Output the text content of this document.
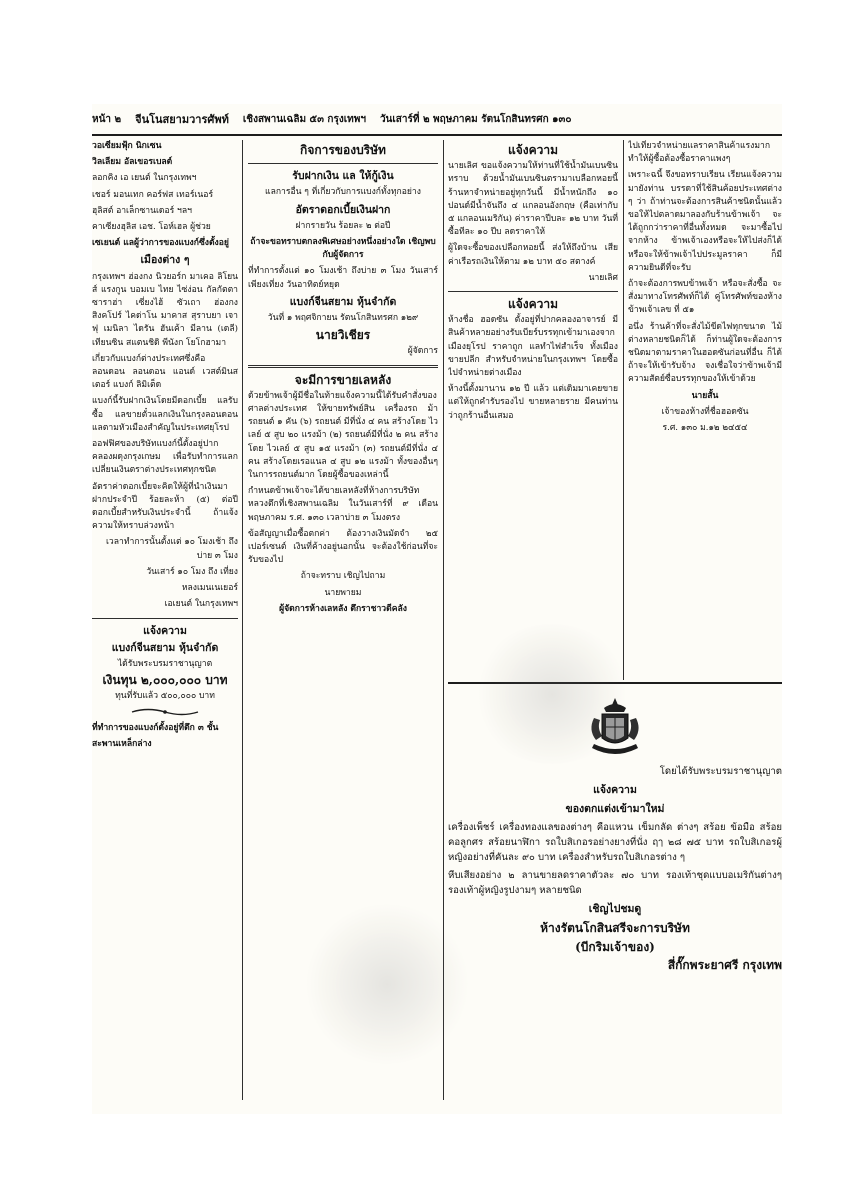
หน้า ๒ จีนโนสยามวารศัพท์ เชิงสพานเฉลิม ๕๓ กรุงเทพฯ วันเสาร์ที่ ๒ พฤษภาคม รัตนโกสินทรศก ๑๓๐

วอเซี่ยมฟุ้ก นิกเซน

วิลเลียม อัลเขอรเบลต์

ลอกคิง เอ เยนต์ ในกรุงเทพฯ

เชอร์ มอนเทก คอร์ฟส เทอร์เนอร์

ฮุลิสต์ อาเล็กซานเดอร์ ฯลฯ

คาเซียงฮุลิส เอช. โอห์เฮล ผู้ช่วย

เซเยนต์ แลผู้ว่าการของแบงก์ซึ่งตั้งอยู่

เมืองต่าง ๆ

กรุงเทพฯ ฮ่องกง นิวยอร์ก มาเคอ ลิโยนส์ แรงกูน บอมเบ ไทย ไซ่ง่อน กัลกัตตา ซาราฮ่า เซี่ยงไฮ้ ซัวเถา ฮ่องกง สิงคโปร์ ไคด่าโน มาคาส สุราบยา เจา ฟุ เมนิลา ไดรัน ฮันเค้า มีลาน (เดลี) เทียนซิน สแตนชิดิ พีนังก โยโกฮามา

เกี่ยวกับแบงก์ต่างประเทศซึ่งคือ ลอนดอน ลอนดอน แอนด์ เวสต์มินสเตอร์ แบงก์ ลิมิเต็ด

แบงก์นี้รับฝากเงินโดยมีดอกเบี้ย แลรับซื้อ แลขายตั๋วแลกเงินในกรุงลอนดอน แลตามหัวเมืองสำคัญในประเทศยุโรป

ออฟฟิศของบริษัทแบงก์นี้ตั้งอยู่ปากคลองผดุงกรุงเกษม เพื่อรับทำการแลกเปลี่ยนเงินตราต่างประเทศทุกชนิด

อัตราค่าดอกเบี้ยจะคิดให้ผู้ที่นำเงินมาฝากประจำปี ร้อยละห้า (๕) ต่อปี ดอกเบี้ยสำหรับเงินประจำนี้ ถ้าแจ้งความให้ทราบล่วงหน้า

เวลาทำการนั้นตั้งแต่ ๑๐ โมงเช้า ถึงบ่าย ๓ โมง

วันเสาร์ ๑๐ โมง ถึง เที่ยง

หลงเมนเนเยอร์

เอเยนต์ ในกรุงเทพฯ

แจ้งความ
แบงก์จีนสยาม หุ้นจำกัด

ได้รับพระบรมราชานุญาต

เงินทุน ๒,๐๐๐,๐๐๐ บาท

ทุนที่รับแล้ว ๕๐๐,๐๐๐ บาท

ที่ทำการของแบงก์ตั้งอยู่ที่ตึก ๓ ชั้น

สะพานเหล็กล่าง

กิจการของบริษัท
รับฝากเงิน แล ให้กู้เงิน

แลการอื่น ๆ ที่เกี่ยวกับการแบงก์ทั้งทุกอย่าง

อัตราดอกเบี้ยเงินฝาก

ฝากรายวัน ร้อยละ ๒ ต่อปี

ถ้าจะขอทราบตกลงพิเศษอย่างหนึ่งอย่างใด เชิญพบกับผู้จัดการ

ที่ทำการตั้งแต่ ๑๐ โมงเช้า ถึงบ่าย ๓ โมง วันเสาร์เพียงเที่ยง วันอาทิตย์หยุด

แบงก์จีนสยาม หุ้นจำกัด

วันที่ ๑ พฤศจิกายน รัตนโกสินทรศก ๑๒๙

นายวิเชียร

ผู้จัดการ

จะมีการขายเลหลัง

ด้วยข้าพเจ้าผู้มีชื่อในท้ายแจ้งความนี้ได้รับคำสั่งของศาลต่างประเทศ ให้ขายทรัพย์สิน เครื่องรถ ม้า รถยนต์ ๑ คัน (๖) รถยนต์ มีที่นั่ง ๔ คน สร้างโดย ไวเลย์ ๕ สูบ ๒๐ แรงม้า (๒) รถยนต์มีที่นั่ง ๒ คน สร้างโดย ไวเลย์ ๕ สูบ ๑๕ แรงม้า (๓) รถยนต์มีที่นั่ง ๔ คน สร้างโดยเรอแนล ๔ สูบ ๑๒ แรงม้า ทั้งของอื่นๆ ในการรถยนต์มาก โดยผู้ซื้อของเหล่านี้

กำหนดข้าพเจ้าจะได้ขายเลหลังที่ห้างการบริษัทหลวงตึกที่เชิงสพานเฉลิม ในวันเสาร์ที่ ๙ เดือนพฤษภาคม ร.ศ. ๑๓๐ เวลาบ่าย ๓ โมงตรง

ข้อสัญญาเมื่อซื้อตกค่า ต้องวางเงินมัดจำ ๒๕ เปอร์เซนต์ เงินที่ค้างอยู่นอกนั้น จะต้องใช้ก่อนที่จะรับของไป

ถ้าจะทราบ เชิญไปถาม

นายพายม

ผู้จัดการห้างเลหลัง ตึกราชาวดีคลัง

แจ้งความ

นายเลิศ ขอแจ้งความให้ท่านที่ใช้น้ำมันเบนซินทราบ ด้วยน้ำมันเบนซินตรามาเบลือกหอยนี้ ร้านหาจำหน่ายอยู่ทุกวันนี้ มีน้ำหนักถึง ๑๐ ปอนด์มีน้ำจันถึง ๔ แกลอนอังกฤษ (คือเท่ากับ ๕ แกลอนเมริกัน) ค่าราคาปีบละ ๑๒ บาท วันที่ซื้อทีละ ๑๐ ปีบ ลดราคาให้

ผู้ใดจะซื้อของเปลือกหอยนี้ ส่งให้ถึงบ้าน เสียค่าเรือรถเงินให้ตาม ๑๒ บาท ๕๐ สตางค์

นายเลิศ

แจ้งความ

ห้างชื่อ ฮอดซัน ตั้งอยู่ที่ปากคลองอาจารย์ มีสินค้าหลายอย่างรับเบียร์บรรทุกเข้ามาเองจากเมืองยุโรป ราคาถูก แลทำไฟสำเร็จ ทั้งเมือง ขายปลีก สำหรับจำหน่ายในกรุงเทพฯ โดยซื้อไปจำหน่ายต่างเมือง

ห้างนี้ตั้งมานาน ๑๒ ปี แล้ว แต่เดิมมาเคยขายแต่ให้ถูกคำรับรองไป ขายหลายราย มีคนท่านว่าถูกร้านอื่นเสมอ

ไปเที่ยวจำหน่ายแลราคาสินค้าแรงมาก ทำให้ผู้ซื้อต้องซื้อราคาแพงๆ

เพราะฉนี้ จึงขอทราบเรียน เรียนแจ้งความมายังท่าน บรรดาที่ใช้สินค้อยประเทศต่าง ๆ ว่า ถ้าท่านจะต้องการสินค้าชนิดนั้นแล้ว ขอให้ไปตลาดมาลองกับร้านข้าพเจ้า จะได้ถูกกว่าราคาที่อื่นทั้งหมด จะมาซื้อไปจากห้าง ข้าพเจ้าเองหรือจะให้ไปส่งก็ได้ หรือจะให้ข้าพเจ้าไปประมูลราคา ก็มีความยินดีที่จะรับ

ถ้าจะต้องการพบข้าพเจ้า หรือจะสั่งซื้อ จะสั่งมาทางโทรศัพท์ก็ได้ คู่โทรศัพท์ของห้าง ข้าพเจ้าเลข ที่ ๕๑

อนึ่ง ร้านค้าที่จะสั่งไม้ขีดไฟทุกขนาด ไม้ต่างหลายชนิดก็ได้ ก็ท่านผู้ใดจะต้องการชนิดมาตามราคาในฮอดซันก่อนที่อื่น ก็ได้ ถ้าจะให้เข้ารับจ้าง จงเชื่อใจว่าข้าพเจ้ามีความสัตย์ซื่อบรรทุกของให้เข้าด้วย

นายสั้น

เจ้าของห้างที่ชื่อฮอดซัน

ร.ศ. ๑๓๐ ม.๑๒ ๒๔๕๔

โดยได้รับพระบรมราชานุญาต

แจ้งความ
ของตกแต่งเข้ามาใหม่

เครื่องเพ็ชร์ เครื่องทองแลของต่างๆ คือแหวน เข็มกลัด ต่างๆ สร้อย ข้อมือ สร้อยคอลูกศร สร้อยนาฬิกา รถใบสิเกอรอย่างยางที่นั่ง ฤๅ ๒๘ ๗๕ บาท รถใบสิเกอรผู้หญิงอย่างที่คันละ ๙๐ บาท เครื่องสำหรับรถใบสิเกอรต่าง ๆ

หีบเสียงอย่าง ๒ ลานขายลดราคาตัวละ ๗๐ บาท รองเท้าชุดแบบอเมริกันต่างๆ รองเท้าผู้หญิงรูปงามๆ หลายชนิด

เชิญไปชมดู
ห้างรัตนโกสินสรีจะการบริษัท
(บีกริมเจ้าของ)

สี่กั๊กพระยาศรี กรุงเทพ
